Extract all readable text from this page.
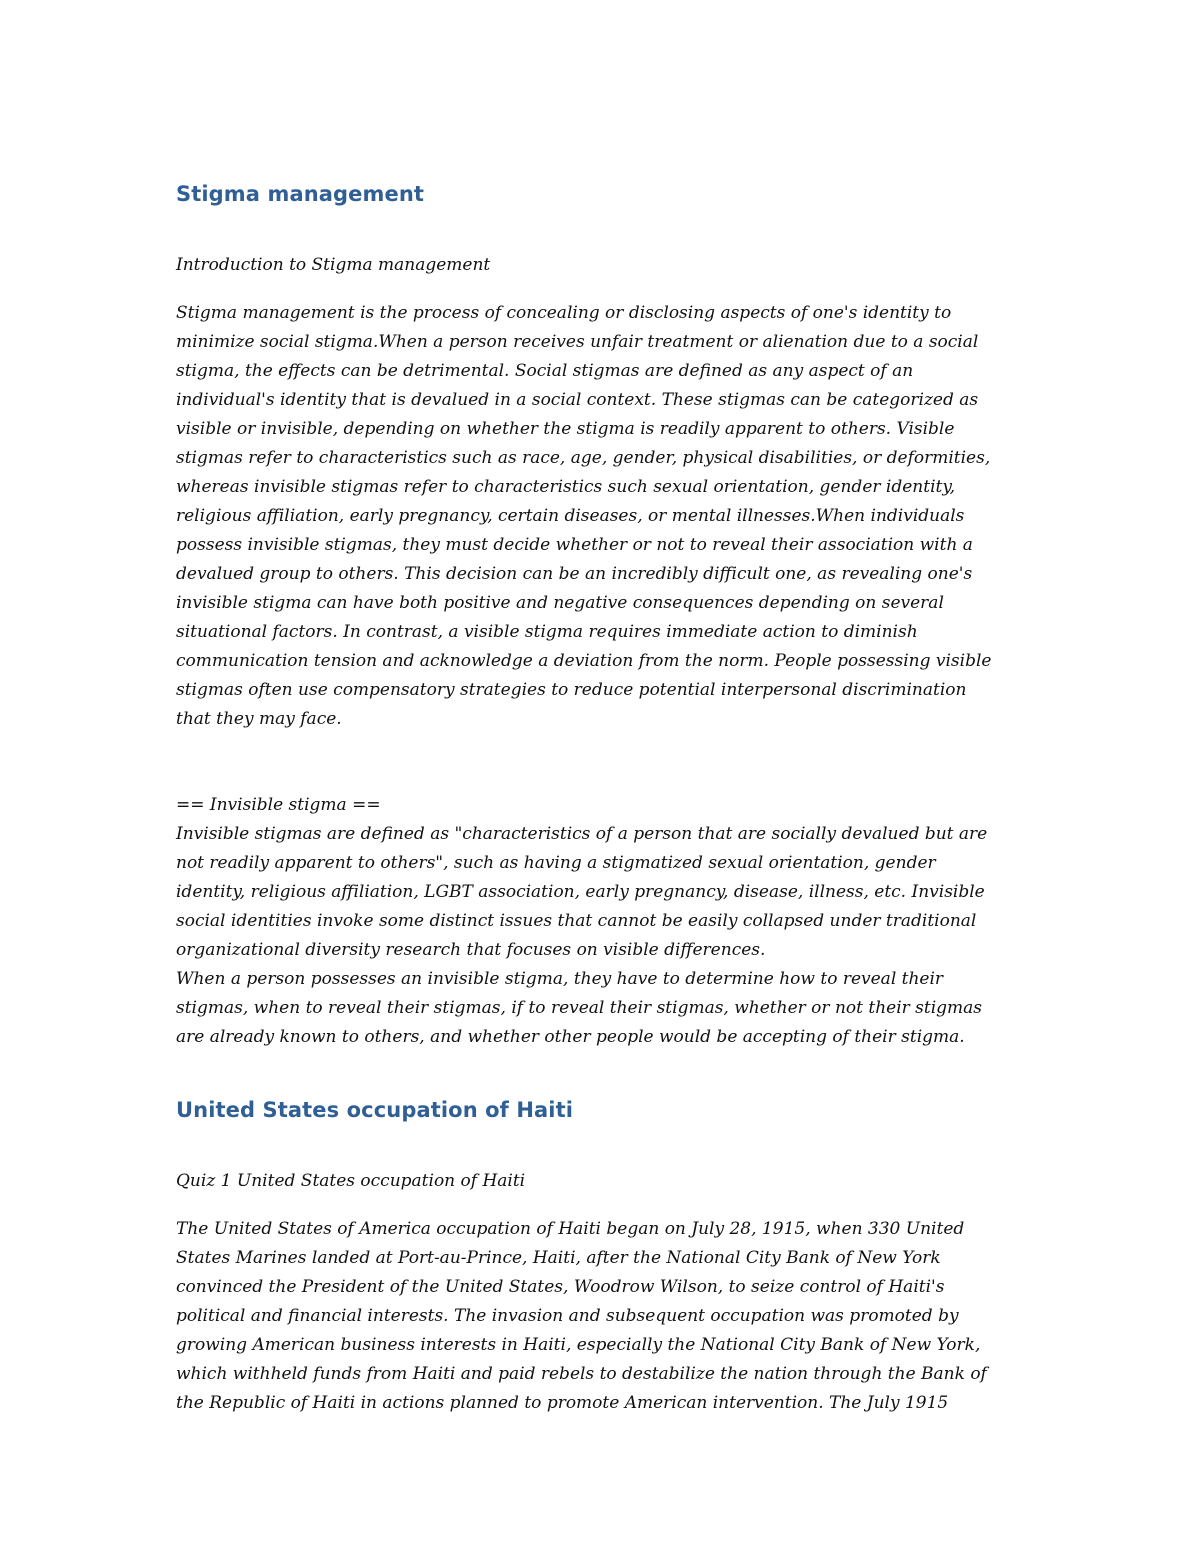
Stigma management

Introduction to Stigma management

Stigma management is the process of concealing or disclosing aspects of one's identity to
minimize social stigma.When a person receives unfair treatment or alienation due to a social
stigma, the effects can be detrimental. Social stigmas are defined as any aspect of an
individual's identity that is devalued in a social context. These stigmas can be categorized as
visible or invisible, depending on whether the stigma is readily apparent to others. Visible
stigmas refer to characteristics such as race, age, gender, physical disabilities, or deformities,
whereas invisible stigmas refer to characteristics such sexual orientation, gender identity,
religious affiliation, early pregnancy, certain diseases, or mental illnesses.When individuals
possess invisible stigmas, they must decide whether or not to reveal their association with a
devalued group to others. This decision can be an incredibly difficult one, as revealing one's
invisible stigma can have both positive and negative consequences depending on several
situational factors. In contrast, a visible stigma requires immediate action to diminish
communication tension and acknowledge a deviation from the norm. People possessing visible
stigmas often use compensatory strategies to reduce potential interpersonal discrimination
that they may face.

== Invisible stigma ==
Invisible stigmas are defined as "characteristics of a person that are socially devalued but are
not readily apparent to others", such as having a stigmatized sexual orientation, gender
identity, religious affiliation, LGBT association, early pregnancy, disease, illness, etc. Invisible
social identities invoke some distinct issues that cannot be easily collapsed under traditional
organizational diversity research that focuses on visible differences.
When a person possesses an invisible stigma, they have to determine how to reveal their
stigmas, when to reveal their stigmas, if to reveal their stigmas, whether or not their stigmas
are already known to others, and whether other people would be accepting of their stigma.

United States occupation of Haiti

Quiz 1 United States occupation of Haiti

The United States of America occupation of Haiti began on July 28, 1915, when 330 United
States Marines landed at Port-au-Prince, Haiti, after the National City Bank of New York
convinced the President of the United States, Woodrow Wilson, to seize control of Haiti's
political and financial interests. The invasion and subsequent occupation was promoted by
growing American business interests in Haiti, especially the National City Bank of New York,
which withheld funds from Haiti and paid rebels to destabilize the nation through the Bank of
the Republic of Haiti in actions planned to promote American intervention. The July 1915
